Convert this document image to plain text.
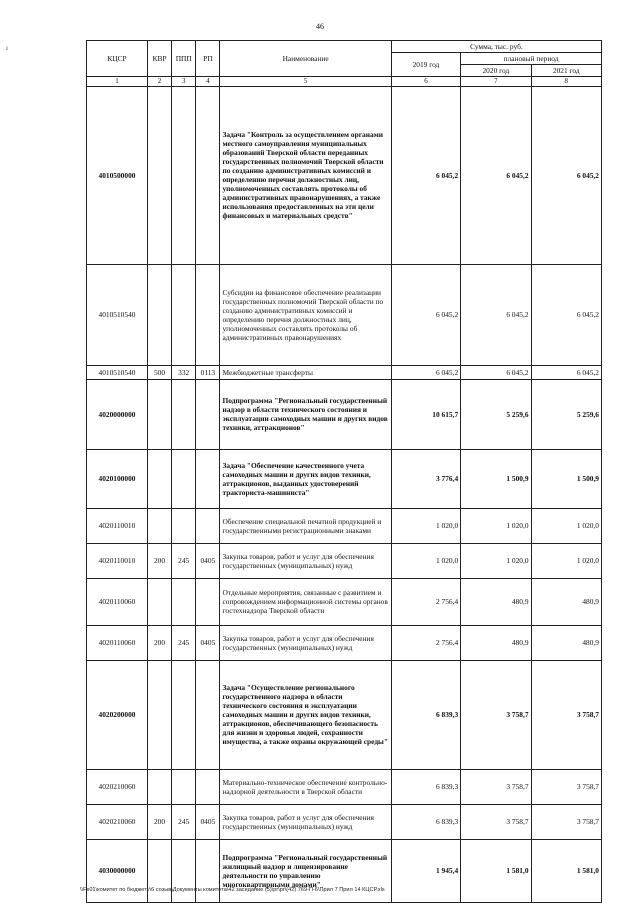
46
ı
КЦСР	КВР	ППП	РП	Наименование	Сумма, тыс. руб.		
					2019 год	плановый период	
						2020 год	2021 год
1	2	3	4	5	6	7	8
4010500000				Задача "Контроль за осуществлением органами местного самоуправления муниципальных образований Тверской области переданных государственных полномочий Тверской области по созданию административных комиссий и определению перечня должностных лиц, уполномоченных составлять протоколы об административных правонарушениях, а также использования предоставленных на эти цели финансовых и материальных средств"	6 045,2	6 045,2	6 045,2
4010510540				Субсидии на финансовое обеспечение реализации государственных полномочий Тверской области по созданию административных комиссий и определению перечня должностных лиц, уполномоченных составлять протоколы об административных правонарушениях	6 045,2	6 045,2	6 045,2
4010510540	500	332	0113	Межбюджетные трансферты	6 045,2	6 045,2	6 045,2
4020000000				Подпрограмма "Региональный государственный надзор в области технического состояния и эксплуатации самоходных машин и других видов техники, аттракционов"	10 615,7	5 259,6	5 259,6
4020100000				Задача "Обеспечение качественного учета самоходных машин и других видов техники, аттракционов, выданных удостоверений тракториста-машиниста"	3 776,4	1 500,9	1 500,9
4020110010				Обеспечение специальной печатной продукцией и государственными регистрационными знаками	1 020,0	1 020,0	1 020,0
4020110010	200	245	0405	Закупка товаров, работ и услуг для обеспечения государственных (муниципальных) нужд	1 020,0	1 020,0	1 020,0
4020110060				Отдельные мероприятия, связанные с развитием и сопровождением информационной системы органов гостехнадзора Тверской области	2 756,4	480,9	480,9
4020110060	200	245	0405	Закупка товаров, работ и услуг для обеспечения государственных (муниципальных) нужд	2 756,4	480,9	480,9
4020200000				Задача "Осуществление регионального государственного надзора в области технического состояния и эксплуатации самоходных машин и других видов техники, аттракционов, обеспечивающего безопасность для жизни и здоровья людей, сохранности имущества, а также охраны окружающей среды"	6 839,3	3 758,7	3 758,7
4020210060				Материально-техническое обеспечение контрольно-надзорной деятельности в Тверской области	6 839,3	3 758,7	3 758,7
4020210060	200	245	0405	Закупка товаров, работ и услуг для обеспечения государственных (муниципальных) нужд	6 839,3	3 758,7	3 758,7
4030000000				Подпрограмма "Региональный государственный жилищный надзор и лицензирование деятельности по управлению многоквартирными домами"	1 945,4	1 581,0	1 581,0
\\Fs01\комитет по бюджету\6 созыв\Документы комитета\42 заседание (5)\pr\pr\(42) 769-П-6\Прил 7 Прил 14 КЦСР.xls
